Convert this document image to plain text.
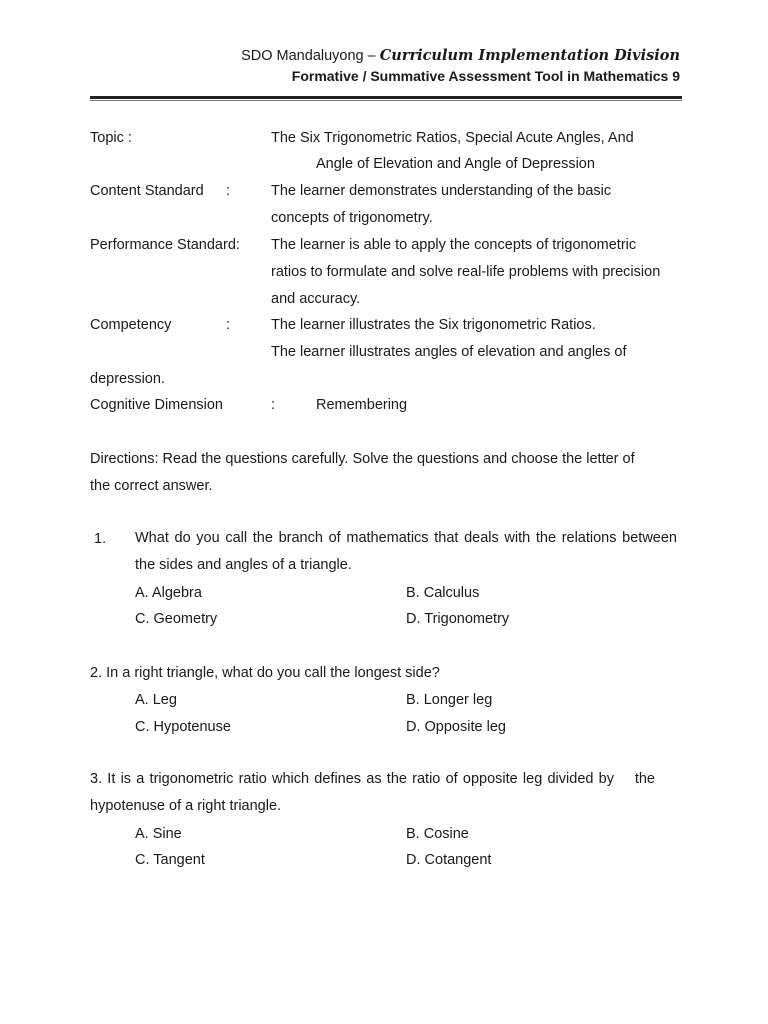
SDO Mandaluyong – Curriculum Implementation Division
Formative / Summative Assessment Tool in Mathematics 9
Topic :	The Six Trigonometric Ratios, Special Acute Angles, And
Angle of Elevation and Angle of Depression
Content Standard :	The learner demonstrates understanding of the basic
concepts of trigonometry.
Performance Standard: The learner is able to apply the concepts of trigonometric
ratios to formulate and solve real-life problems with precision
and accuracy.
Competency	:	The learner illustrates the Six trigonometric Ratios.
The learner illustrates angles of elevation and angles of
depression.
Cognitive Dimension	:	Remembering
Directions: Read the questions carefully. Solve the questions and choose the letter of
the correct answer.
1. What do you call the branch of mathematics that deals with the relations between the sides and angles of a triangle.
A. Algebra	B. Calculus
C. Geometry	D. Trigonometry
2. In a right triangle, what do you call the longest side?
A. Leg	B. Longer leg
C. Hypotenuse	D. Opposite leg
3. It is a trigonometric ratio which defines as the ratio of opposite leg divided by    the hypotenuse of a right triangle.
A. Sine	B. Cosine
C. Tangent	D. Cotangent
